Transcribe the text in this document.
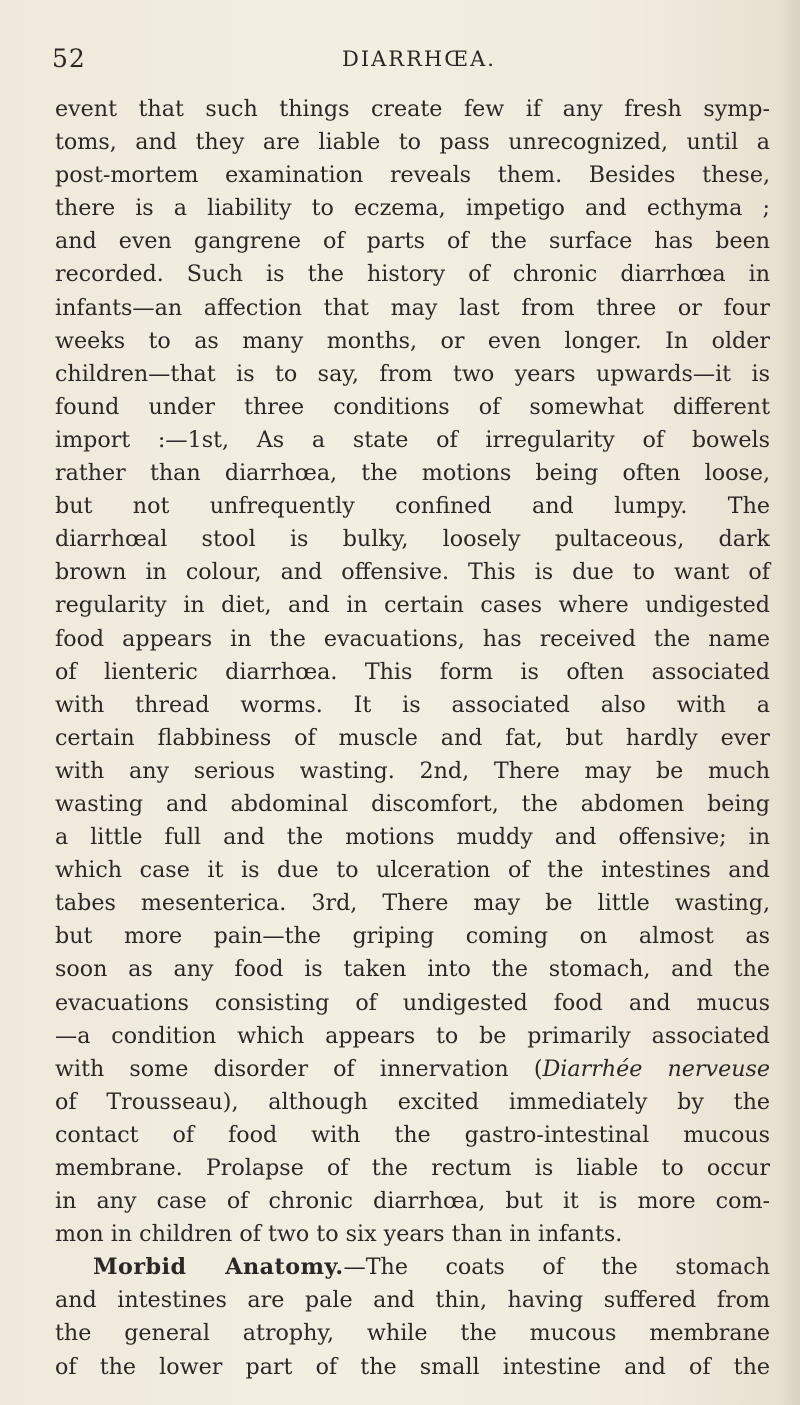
52	DIARRHŒA.
event that such things create few if any fresh symp-
toms, and they are liable to pass unrecognized, until a
post-mortem examination reveals them. Besides these,
there is a liability to eczema, impetigo and ecthyma ;
and even gangrene of parts of the surface has been
recorded. Such is the history of chronic diarrhœa in
infants—an affection that may last from three or four
weeks to as many months, or even longer. In older
children—that is to say, from two years upwards—it is
found under three conditions of somewhat different
import :—1st, As a state of irregularity of bowels
rather than diarrhœa, the motions being often loose,
but not unfrequently confined and lumpy. The
diarrhœal stool is bulky, loosely pultaceous, dark
brown in colour, and offensive. This is due to want of
regularity in diet, and in certain cases where undigested
food appears in the evacuations, has received the name
of lienteric diarrhœa. This form is often associated
with thread worms. It is associated also with a
certain flabbiness of muscle and fat, but hardly ever
with any serious wasting. 2nd, There may be much
wasting and abdominal discomfort, the abdomen being
a little full and the motions muddy and offensive; in
which case it is due to ulceration of the intestines and
tabes mesenterica. 3rd, There may be little wasting,
but more pain—the griping coming on almost as
soon as any food is taken into the stomach, and the
evacuations consisting of undigested food and mucus
—a condition which appears to be primarily associated
with some disorder of innervation (Diarrhée nerveuse
of Trousseau), although excited immediately by the
contact of food with the gastro-intestinal mucous
membrane. Prolapse of the rectum is liable to occur
in any case of chronic diarrhœa, but it is more com-
mon in children of two to six years than in infants.
Morbid Anatomy.—The coats of the stomach
and intestines are pale and thin, having suffered from
the general atrophy, while the mucous membrane
of the lower part of the small intestine and of the
